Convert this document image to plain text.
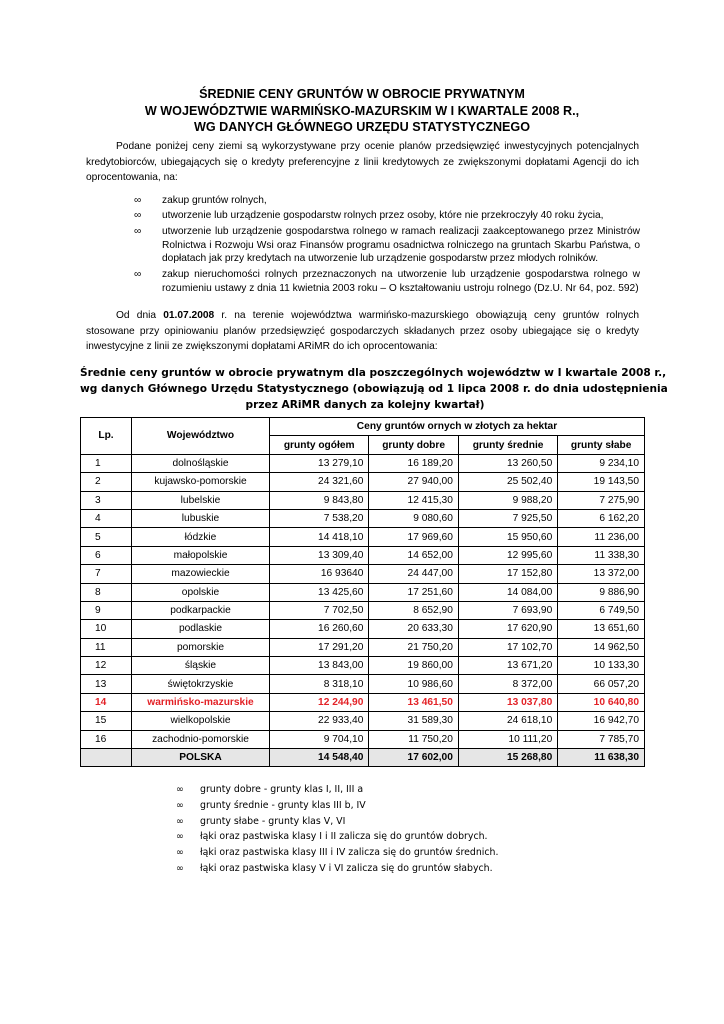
ŚREDNIE CENY GRUNTÓW W OBROCIE PRYWATNYM
W WOJEWÓDZTWIE WARMIŃSKO-MAZURSKIM W I KWARTALE 2008 R.,
WG DANYCH GŁÓWNEGO URZĘDU STATYSTYCZNEGO
Podane poniżej ceny ziemi są wykorzystywane przy ocenie planów przedsięwzięć inwestycyjnych potencjalnych kredytobiorców, ubiegających się o kredyty preferencyjne z linii kredytowych ze zwiększonymi dopłatami Agencji do ich oprocentowania, na:
∞ zakup gruntów rolnych,
∞ utworzenie lub urządzenie gospodarstw rolnych przez osoby, które nie przekroczyły 40 roku życia,
∞ utworzenie lub urządzenie gospodarstwa rolnego w ramach realizacji zaakceptowanego przez Ministrów Rolnictwa i Rozwoju Wsi oraz Finansów programu osadnictwa rolniczego na gruntach Skarbu Państwa, o dopłatach jak przy kredytach na utworzenie lub urządzenie gospodarstw przez młodych rolników.
∞ zakup nieruchomości rolnych przeznaczonych na utworzenie lub urządzenie gospodarstwa rolnego w rozumieniu ustawy z dnia 11 kwietnia 2003 roku – O kształtowaniu ustroju rolnego (Dz.U. Nr 64, poz. 592)
Od dnia 01.07.2008 r. na terenie województwa warmińsko-mazurskiego obowiązują ceny gruntów rolnych stosowane przy opiniowaniu planów przedsięwzięć gospodarczych składanych przez osoby ubiegające się o kredyty inwestycyjne z linii ze zwiększonymi dopłatami ARiMR do ich oprocentowania:
Średnie ceny gruntów w obrocie prywatnym dla poszczególnych województw w I kwartale 2008 r.,
wg danych Głównego Urzędu Statystycznego (obowiązują od 1 lipca 2008 r. do dnia udostępnienia
przez ARiMR danych za kolejny kwartał)
Lp.	Województwo	Ceny gruntów ornych w złotych za hektar			
		grunty ogółem	grunty dobre	grunty średnie	grunty słabe
1	dolnośląskie	13 279,10	16 189,20	13 260,50	9 234,10
2	kujawsko-pomorskie	24 321,60	27 940,00	25 502,40	19 143,50
3	lubelskie	9 843,80	12 415,30	9 988,20	7 275,90
4	lubuskie	7 538,20	9 080,60	7 925,50	6 162,20
5	łódzkie	14 418,10	17 969,60	15 950,60	11 236,00
6	małopolskie	13 309,40	14 652,00	12 995,60	11 338,30
7	mazowieckie	16 93640	24 447,00	17 152,80	13 372,00
8	opolskie	13 425,60	17 251,60	14 084,00	9 886,90
9	podkarpackie	7 702,50	8 652,90	7 693,90	6 749,50
10	podlaskie	16 260,60	20 633,30	17 620,90	13 651,60
11	pomorskie	17 291,20	21 750,20	17 102,70	14 962,50
12	śląskie	13 843,00	19 860,00	13 671,20	10 133,30
13	świętokrzyskie	8 318,10	10 986,60	8 372,00	66 057,20
14	warmińsko-mazurskie	12 244,90	13 461,50	13 037,80	10 640,80
15	wielkopolskie	22 933,40	31 589,30	24 618,10	16 942,70
16	zachodnio-pomorskie	9 704,10	11 750,20	10 111,20	7 785,70
	POLSKA	14 548,40	17 602,00	15 268,80	11 638,30
∞ grunty dobre - grunty klas I, II, III a
∞ grunty średnie - grunty klas III b, IV
∞ grunty słabe - grunty klas V, VI
∞ łąki oraz pastwiska klasy I i II zalicza się do gruntów dobrych.
∞ łąki oraz pastwiska klasy III i IV zalicza się do gruntów średnich.
∞ łąki oraz pastwiska klasy V i VI zalicza się do gruntów słabych.
